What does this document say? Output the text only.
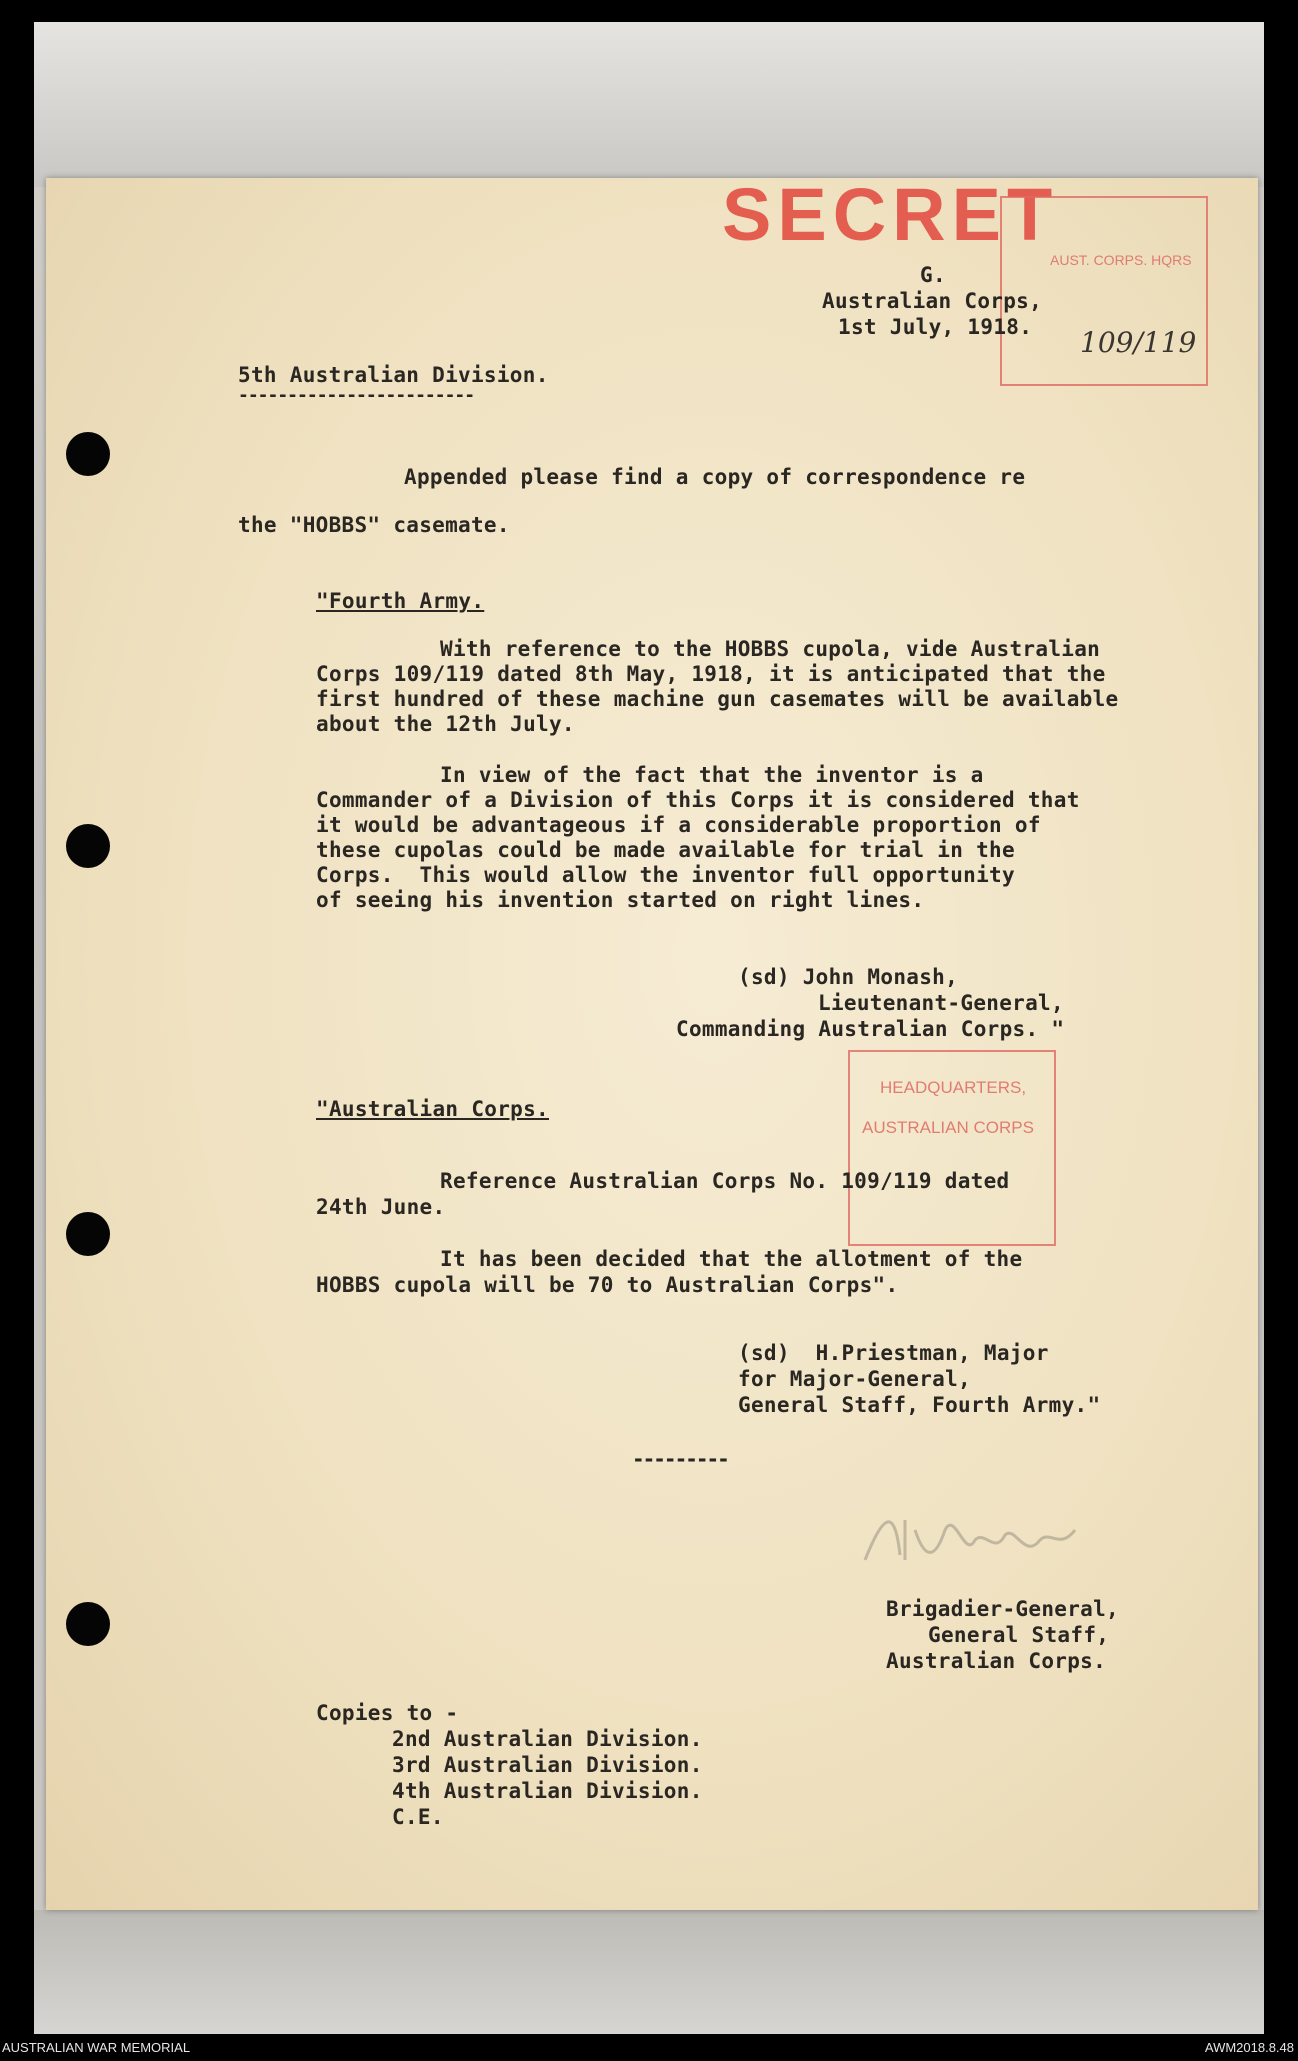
SECRET
AUST. CORPS. HQRS
G.
Australian Corps,
1st July, 1918. 109/119
5th Australian Division.
------------------------
Appended please find a copy of correspondence re
the "HOBBS" casemate.
"Fourth Army.
With reference to the HOBBS cupola, vide Australian
Corps 109/119 dated 8th May, 1918, it is anticipated that the
first hundred of these machine gun casemates will be available
about the 12th July.
In view of the fact that the inventor is a
Commander of a Division of this Corps it is considered that
it would be advantageous if a considerable proportion of
these cupolas could be made available for trial in the
Corps.  This would allow the inventor full opportunity
of seeing his invention started on right lines.
(sd) John Monash,
Lieutenant-General,
Commanding Australian Corps. "
HEADQUARTERS,
AUSTRALIAN CORPS
"Australian Corps.
Reference Australian Corps No. 109/119 dated
24th June.
It has been decided that the allotment of the
HOBBS cupola will be 70 to Australian Corps".
(sd)  H.Priestman, Major
for Major-General,
General Staff, Fourth Army."
---------
Brigadier-General,
General Staff,
Australian Corps.
Copies to -
2nd Australian Division.
3rd Australian Division.
4th Australian Division.
C.E.
AUSTRALIAN WAR MEMORIAL	AWM2018.8.48
